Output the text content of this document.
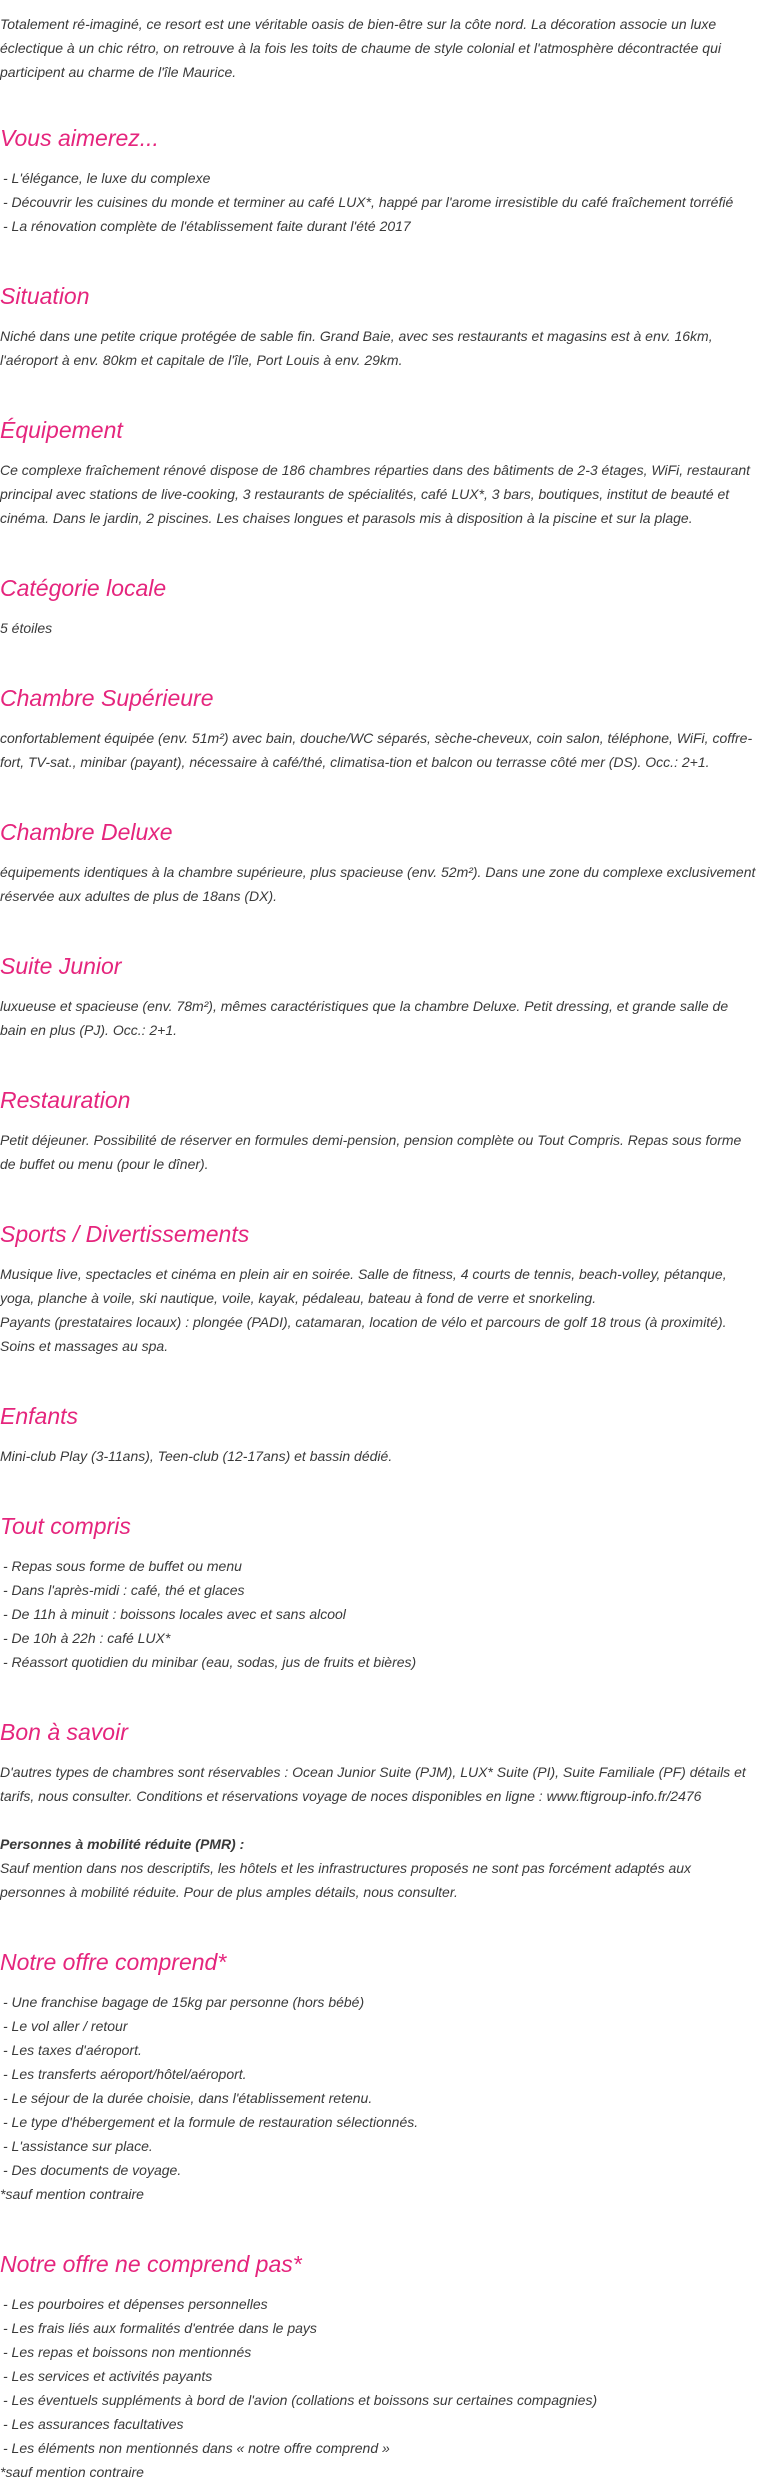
Totalement ré-imaginé, ce resort est une véritable oasis de bien-être sur la côte nord. La décoration associe un luxe éclectique à un chic rétro, on retrouve à la fois les toits de chaume de style colonial et l'atmosphère décontractée qui participent au charme de l'île Maurice.

Vous aimerez...
- L'élégance, le luxe du complexe
- Découvrir les cuisines du monde et terminer au café LUX*, happé par l'arome irresistible du café fraîchement torréfié
- La rénovation complète de l'établissement faite durant l'été 2017
Situation

Niché dans une petite crique protégée de sable fin. Grand Baie, avec ses restaurants et magasins est à env. 16km, l'aéroport à env. 80km et capitale de l'île, Port Louis à env. 29km.

Équipement

Ce complexe fraîchement rénové dispose de 186 chambres réparties dans des bâtiments de 2-3 étages, WiFi, restaurant principal avec stations de live-cooking, 3 restaurants de spécialités, café LUX*, 3 bars, boutiques, institut de beauté et cinéma. Dans le jardin, 2 piscines. Les chaises longues et parasols mis à disposition à la piscine et sur la plage.

Catégorie locale

5 étoiles

Chambre Supérieure

confortablement équipée (env. 51m²) avec bain, douche/WC séparés, sèche-cheveux, coin salon, téléphone, WiFi, coffre-fort, TV-sat., minibar (payant), nécessaire à café/thé, climatisa-tion et balcon ou terrasse côté mer (DS). Occ.: 2+1.

Chambre Deluxe

équipements identiques à la chambre supérieure, plus spacieuse (env. 52m²). Dans une zone du complexe exclusivement réservée aux adultes de plus de 18ans (DX).

Suite Junior

luxueuse et spacieuse (env. 78m²), mêmes caractéristiques que la chambre Deluxe. Petit dressing, et grande salle de bain en plus (PJ). Occ.: 2+1.

Restauration

Petit déjeuner. Possibilité de réserver en formules demi-pension, pension complète ou Tout Compris. Repas sous forme de buffet ou menu (pour le dîner).

Sports / Divertissements

Musique live, spectacles et cinéma en plein air en soirée. Salle de fitness, 4 courts de tennis, beach-volley, pétanque, yoga, planche à voile, ski nautique, voile, kayak, pédaleau, bateau à fond de verre et snorkeling.

Payants (prestataires locaux) : plongée (PADI), catamaran, location de vélo et parcours de golf 18 trous (à proximité). Soins et massages au spa.

Enfants

Mini-club Play (3-11ans), Teen-club (12-17ans) et bassin dédié.

Tout compris
- Repas sous forme de buffet ou menu
- Dans l'après-midi : café, thé et glaces
- De 11h à minuit : boissons locales avec et sans alcool
- De 10h à 22h : café LUX*
- Réassort quotidien du minibar (eau, sodas, jus de fruits et bières)
Bon à savoir

D'autres types de chambres sont réservables : Ocean Junior Suite (PJM), LUX* Suite (PI), Suite Familiale (PF) détails et tarifs, nous consulter. Conditions et réservations voyage de noces disponibles en ligne : www.ftigroup-info.fr/2476

Personnes à mobilité réduite (PMR) :

Sauf mention dans nos descriptifs, les hôtels et les infrastructures proposés ne sont pas forcément adaptés aux personnes à mobilité réduite. Pour de plus amples détails, nous consulter.

Notre offre comprend*
- Une franchise bagage de 15kg par personne (hors bébé)
- Le vol aller / retour
- Les taxes d'aéroport.
- Les transferts aéroport/hôtel/aéroport.
- Le séjour de la durée choisie, dans l'établissement retenu.
- Le type d'hébergement et la formule de restauration sélectionnés.
- L'assistance sur place.
- Des documents de voyage.

*sauf mention contraire

Notre offre ne comprend pas*
- Les pourboires et dépenses personnelles
- Les frais liés aux formalités d'entrée dans le pays
- Les repas et boissons non mentionnés
- Les services et activités payants
- Les éventuels suppléments à bord de l'avion (collations et boissons sur certaines compagnies)
- Les assurances facultatives
- Les éléments non mentionnés dans « notre offre comprend »

*sauf mention contraire
